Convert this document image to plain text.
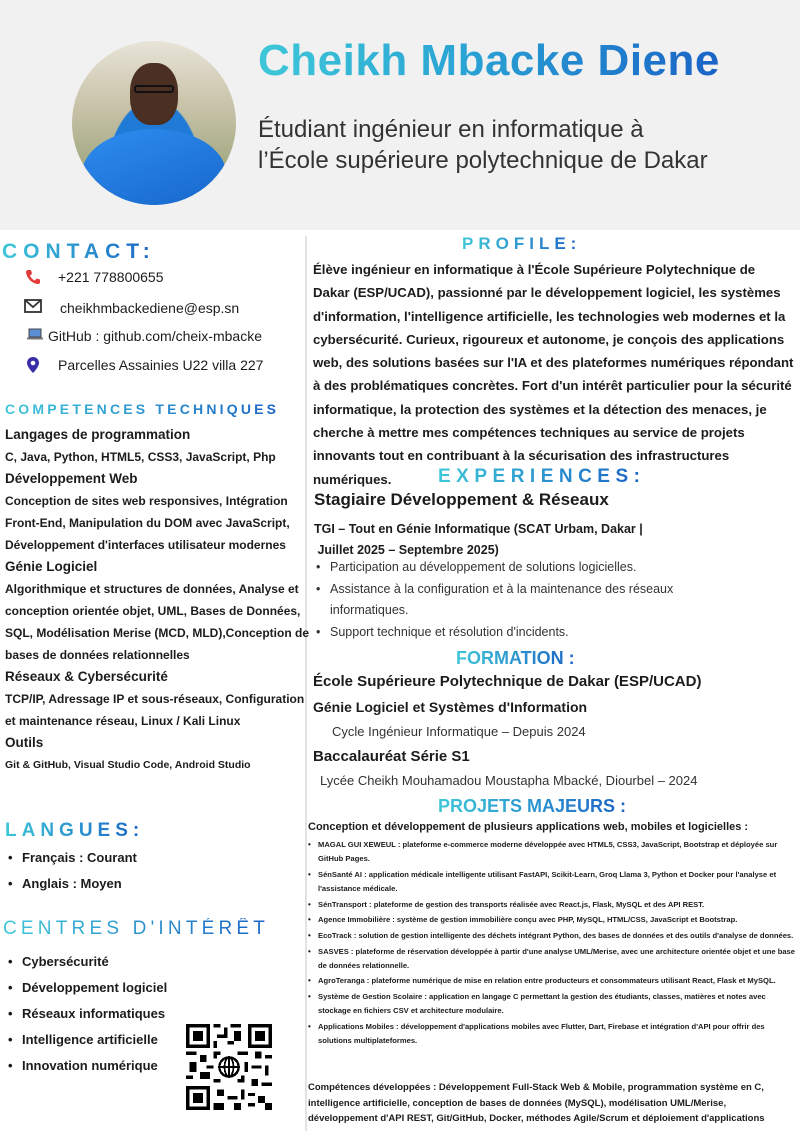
Cheikh Mbacke Diene
Étudiant ingénieur en informatique à
l’École supérieure polytechnique de Dakar
CONTACT:
+221 778800655
cheikhmbackediene@esp.sn
GitHub : github.com/cheix-mbacke
Parcelles Assainies U22 villa 227
COMPETENCES TECHNIQUES
Langages de programmation
C, Java, Python, HTML5, CSS3, JavaScript, Php
Développement Web
Conception de sites web responsives, Intégration Front-End, Manipulation du DOM avec JavaScript, Développement d'interfaces utilisateur modernes
Génie Logiciel
Algorithmique et structures de données, Analyse et conception orientée objet, UML, Bases de Données, SQL, Modélisation Merise (MCD, MLD),Conception de bases de données relationnelles
Réseaux & Cybersécurité
TCP/IP, Adressage IP et sous-réseaux, Configuration et maintenance réseau, Linux / Kali Linux
Outils
Git & GitHub, Visual Studio Code, Android Studio
LANGUES:
• Français : Courant
• Anglais : Moyen
CENTRES D'INTÉRÊT
• Cybersécurité
• Développement logiciel
• Réseaux informatiques
• Intelligence artificielle
• Innovation numérique
PROFILE:
Élève ingénieur en informatique à l'École Supérieure Polytechnique de Dakar (ESP/UCAD), passionné par le développement logiciel, les systèmes d'information, l'intelligence artificielle, les technologies web modernes et la cybersécurité. Curieux, rigoureux et autonome, je conçois des applications web, des solutions basées sur l'IA et des plateformes numériques répondant à des problématiques concrètes. Fort d'un intérêt particulier pour la sécurité informatique, la protection des systèmes et la détection des menaces, je cherche à mettre mes compétences techniques au service de projets innovants tout en contribuant à la sécurisation des infrastructures numériques.	EXPERIENCES:
Stagiaire Développement & Réseaux
TGI – Tout en Génie Informatique (SCAT Urbam, Dakar |
Juillet 2025 – Septembre 2025)
• Participation au développement de solutions logicielles.
• Assistance à la configuration et à la maintenance des réseaux informatiques.
• Support technique et résolution d'incidents.
FORMATION :
École Supérieure Polytechnique de Dakar (ESP/UCAD)
Génie Logiciel et Systèmes d'Information
Cycle Ingénieur Informatique – Depuis 2024
Baccalauréat Série S1
Lycée Cheikh Mouhamadou Moustapha Mbacké, Diourbel – 2024
PROJETS MAJEURS :
Conception et développement de plusieurs applications web, mobiles et logicielles :
• MAGAL GUI XEWEUL : plateforme e-commerce moderne développée avec HTML5, CSS3, JavaScript, Bootstrap et déployée sur GitHub Pages.
• SénSanté AI : application médicale intelligente utilisant FastAPI, Scikit-Learn, Groq Llama 3, Python et Docker pour l'analyse et l'assistance médicale.
• SénTransport : plateforme de gestion des transports réalisée avec React.js, Flask, MySQL et des API REST.
• Agence Immobilière : système de gestion immobilière conçu avec PHP, MySQL, HTML/CSS, JavaScript et Bootstrap.
• EcoTrack : solution de gestion intelligente des déchets intégrant Python, des bases de données et des outils d'analyse de données.
• SASVES : plateforme de réservation développée à partir d'une analyse UML/Merise, avec une architecture orientée objet et une base de données relationnelle.
• AgroTeranga : plateforme numérique de mise en relation entre producteurs et consommateurs utilisant React, Flask et MySQL.
• Système de Gestion Scolaire : application en langage C permettant la gestion des étudiants, classes, matières et notes avec stockage en fichiers CSV et architecture modulaire.
• Applications Mobiles : développement d'applications mobiles avec Flutter, Dart, Firebase et intégration d'API pour offrir des solutions multiplateformes.
Compétences développées : Développement Full-Stack Web & Mobile, programmation système en C, intelligence artificielle, conception de bases de données (MySQL), modélisation UML/Merise, développement d'API REST, Git/GitHub, Docker, méthodes Agile/Scrum et déploiement d'applications
